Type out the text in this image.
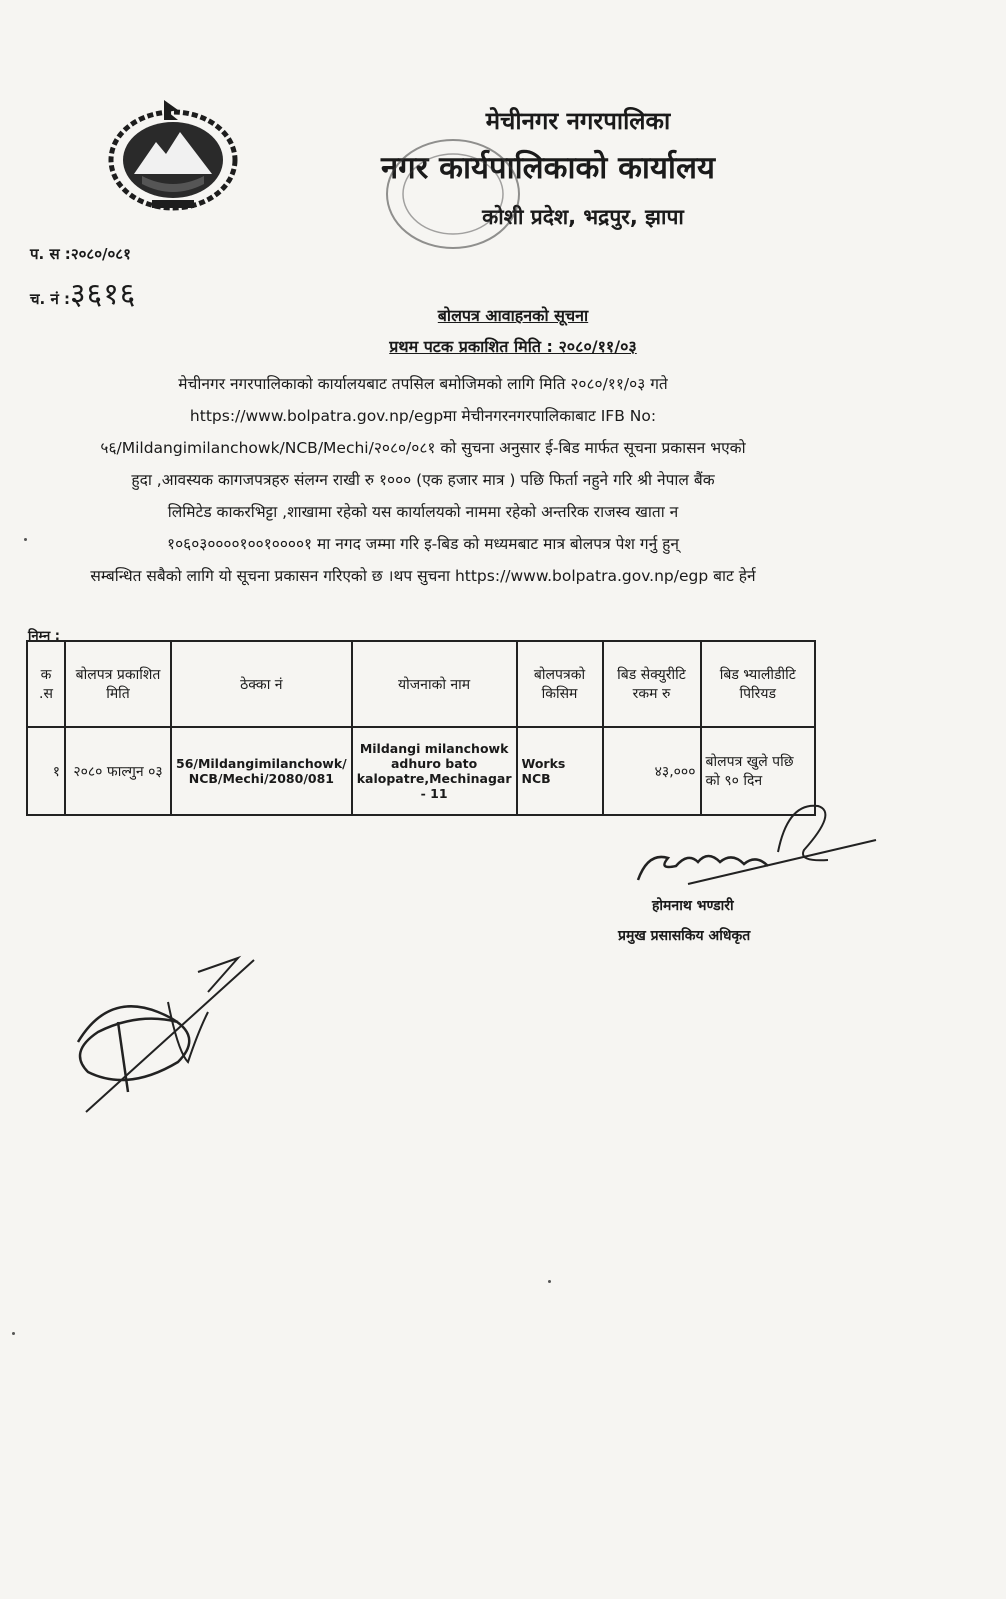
मेचीनगर नगरपालिका
नगर कार्यपालिकाको कार्यालय
कोशी प्रदेश, भद्रपुर, झापा
प. स :२०८०/०८१
च. नं :३६१६
बोलपत्र आवाहनको सूचना
प्रथम पटक प्रकाशित मिति : २०८०/११/०३

मेचीनगर नगरपालिकाको कार्यालयबाट तपसिल बमोजिमको लागि मिति २०८०/११/०३ गते

https://www.bolpatra.gov.np/egpमा मेचीनगरनगरपालिकाबाट IFB No:

५६/Mildangimilanchowk/NCB/Mechi/२०८०/०८१ को सुचना अनुसार ई-बिड मार्फत सूचना प्रकासन भएको

हुदा ,आवस्यक कागजपत्रहरु संलग्न राखी रु १००० (एक हजार मात्र ) पछि फिर्ता नहुने गरि श्री नेपाल बैंक

लिमिटेड काकरभिट्टा ,शाखामा रहेको यस कार्यालयको नाममा रहेको अन्तरिक राजस्व खाता न

१०६०३००००१००१००००१ मा नगद जम्मा गरि इ-बिड को मध्यमबाट मात्र बोलपत्र पेश गर्नु हुन्

सम्बन्धित सबैको लागि यो सूचना प्रकासन गरिएको छ ।थप सुचना https://www.bolpatra.gov.np/egp बाट हेर्न

निम्न :
क .स	बोलपत्र प्रकाशित मिति	ठेक्का नं	योजनाको नाम	बोलपत्रको किसिम	बिड सेक्युरीटि रकम रु	बिड भ्यालीडीटि पिरियड
१	२०८० फाल्गुन ०३	56/Mildangimilanchowk/ NCB/Mechi/2080/081	Mildangi milanchowk adhuro bato kalopatre,Mechinagar - 11	Works NCB	४३,०००	बोलपत्र खुले पछि को ९० दिन
होमनाथ भण्डारी
प्रमुख प्रसासकिय अधिकृत
